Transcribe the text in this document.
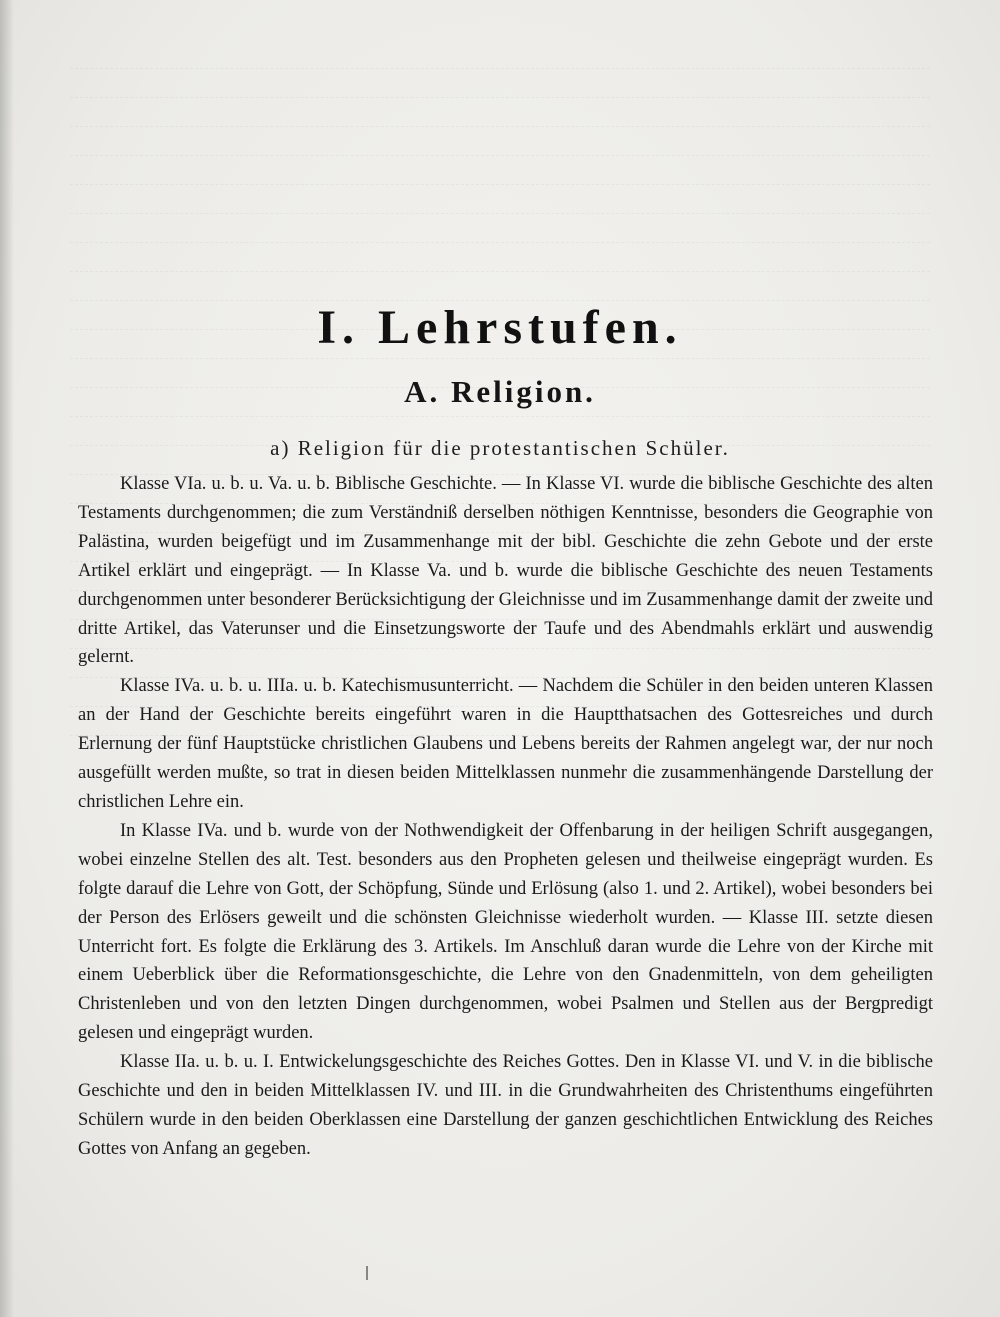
I. Lehrstufen.
A. Religion.
a) Religion für die protestantischen Schüler.

Klasse VIa. u. b. u. Va. u. b. Biblische Geschichte. — In Klasse VI. wurde die biblische Geschichte des alten Testaments durchgenommen; die zum Verständniß derselben nöthigen Kenntnisse, besonders die Geographie von Palästina, wurden beigefügt und im Zusammenhange mit der bibl. Geschichte die zehn Gebote und der erste Artikel erklärt und eingeprägt. — In Klasse Va. und b. wurde die biblische Geschichte des neuen Testaments durchgenommen unter besonderer Berücksichtigung der Gleichnisse und im Zusammenhange damit der zweite und dritte Artikel, das Vaterunser und die Einsetzungsworte der Taufe und des Abendmahls erklärt und auswendig gelernt.

Klasse IVa. u. b. u. IIIa. u. b. Katechismusunterricht. — Nachdem die Schüler in den beiden unteren Klassen an der Hand der Geschichte bereits eingeführt waren in die Hauptthatsachen des Gottesreiches und durch Erlernung der fünf Hauptstücke christlichen Glaubens und Lebens bereits der Rahmen angelegt war, der nur noch ausgefüllt werden mußte, so trat in diesen beiden Mittelklassen nunmehr die zusammenhängende Darstellung der christlichen Lehre ein.

In Klasse IVa. und b. wurde von der Nothwendigkeit der Offenbarung in der heiligen Schrift ausgegangen, wobei einzelne Stellen des alt. Test. besonders aus den Propheten gelesen und theilweise eingeprägt wurden. Es folgte darauf die Lehre von Gott, der Schöpfung, Sünde und Erlösung (also 1. und 2. Artikel), wobei besonders bei der Person des Erlösers geweilt und die schönsten Gleichnisse wiederholt wurden. — Klasse III. setzte diesen Unterricht fort. Es folgte die Erklärung des 3. Artikels. Im Anschluß daran wurde die Lehre von der Kirche mit einem Ueberblick über die Reformationsgeschichte, die Lehre von den Gnadenmitteln, von dem geheiligten Christenleben und von den letzten Dingen durchgenommen, wobei Psalmen und Stellen aus der Bergpredigt gelesen und eingeprägt wurden.

Klasse IIa. u. b. u. I. Entwickelungsgeschichte des Reiches Gottes. Den in Klasse VI. und V. in die biblische Geschichte und den in beiden Mittelklassen IV. und III. in die Grundwahrheiten des Christenthums eingeführten Schülern wurde in den beiden Oberklassen eine Darstellung der ganzen geschichtlichen Entwicklung des Reiches Gottes von Anfang an gegeben.
